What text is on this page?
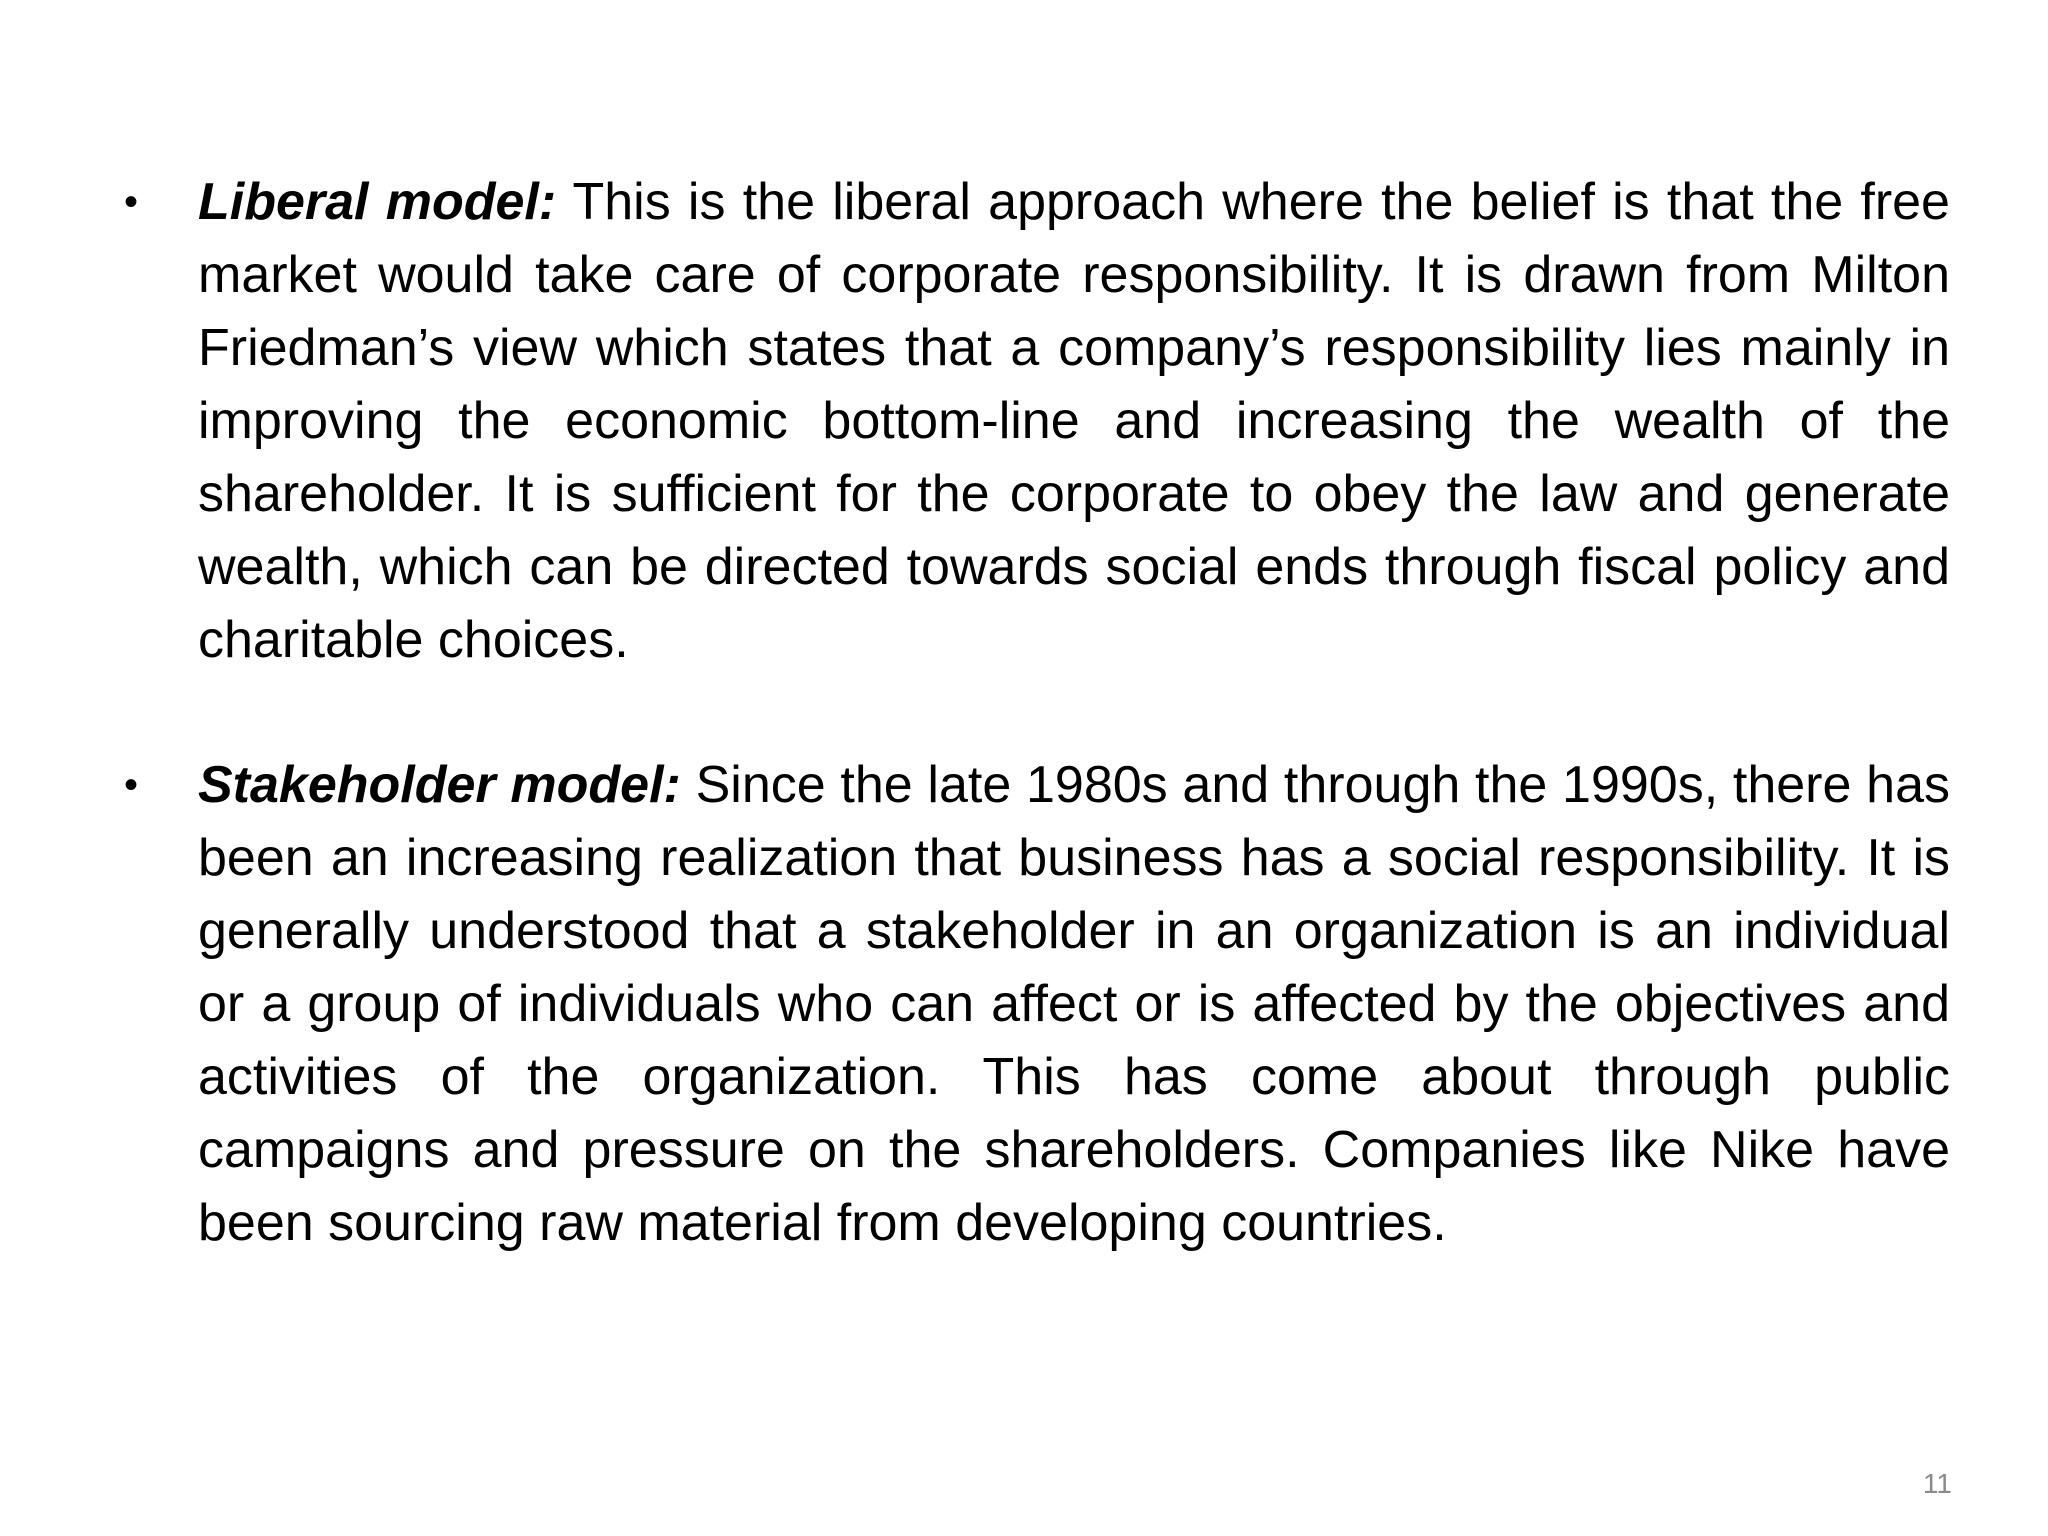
• Liberal model: This is the liberal approach where the belief is that the free market would take care of corporate responsibility. It is drawn from Milton Friedman’s view which states that a company’s responsibility lies mainly in improving the economic bottom-line and increasing the wealth of the shareholder. It is sufficient for the corporate to obey the law and generate wealth, which can be directed towards social ends through fiscal policy and charitable choices.
• Stakeholder model: Since the late 1980s and through the 1990s, there has been an increasing realization that business has a social responsibility. It is generally understood that a stakeholder in an organization is an individual or a group of individuals who can affect or is affected by the objectives and activities of the organization. This has come about through public campaigns and pressure on the shareholders. Companies like Nike have been sourcing raw material from developing countries.
11
